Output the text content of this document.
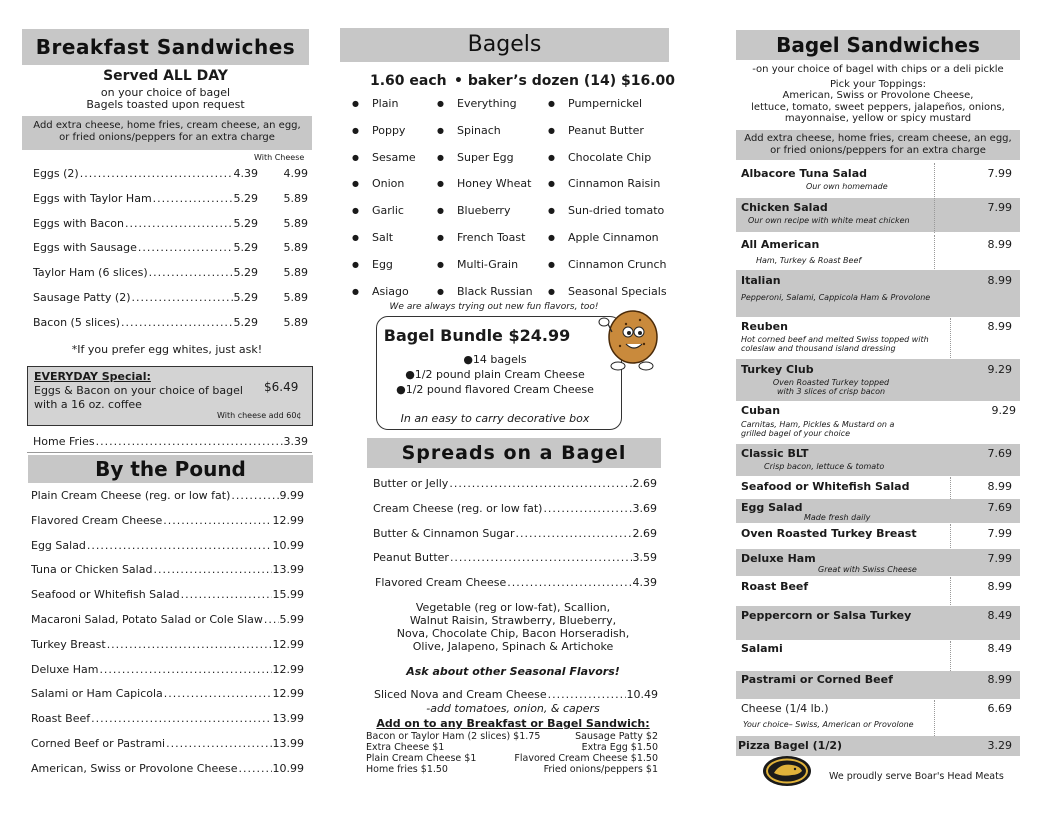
Breakfast Sandwiches
Served ALL DAY
on your choice of bagel
Bagels toasted upon request
Add extra cheese, home fries, cream cheese, an egg,
or fried onions/peppers for an extra charge
With Cheese
Eggs (2) .....	4.39	4.99
Eggs with Taylor Ham .....	5.29	5.89
Eggs with Bacon .....	5.29	5.89
Eggs with Sausage .....	5.29	5.89
Taylor Ham (6 slices) .....	5.29	5.89
Sausage Patty (2) .....	5.29	5.89
Bacon (5 slices) .....	5.29	5.89
*If you prefer egg whites, just ask!
EVERYDAY Special:
Eggs & Bacon on your choice of bagel
with a 16 oz. coffee
$6.49
With cheese add 60¢
Home Fries .....	3.39
By the Pound
Plain Cream Cheese (reg. or low fat) .....	9.99
Flavored Cream Cheese .....	12.99
Egg Salad .....	10.99
Tuna or Chicken Salad .....	13.99
Seafood or Whitefish Salad .....	15.99
Macaroni Salad, Potato Salad or Cole Slaw ..... 5.99
Turkey Breast .....	12.99
Deluxe Ham .....	12.99
Salami or Ham Capicola .....	12.99
Roast Beef .....	13.99
Corned Beef or Pastrami .....	13.99
American, Swiss or Provolone Cheese .....	10.99
Bagels
1.60 each • baker’s dozen (14) $16.00
● Plain
● Poppy
● Sesame
● Onion
● Garlic
● Salt
● Egg
● Asiago
● Everything
● Spinach
● Super Egg
● Honey Wheat
● Blueberry
● French Toast
● Multi-Grain
● Black Russian
● Pumpernickel
● Peanut Butter
● Chocolate Chip
● Cinnamon Raisin
● Sun-dried tomato
● Apple Cinnamon
● Cinnamon Crunch
● Seasonal Specials
We are always trying out new fun flavors, too!
Bagel Bundle $24.99
●14 bagels
●1/2 pound plain Cream Cheese
●1/2 pound flavored Cream Cheese
In an easy to carry decorative box
Spreads on a Bagel
Butter or Jelly .....	2.69
Cream Cheese (reg. or low fat) .....	3.69
Butter & Cinnamon Sugar .....	2.69
Peanut Butter .....	3.59
Flavored Cream Cheese .....	4.39
Vegetable (reg or low-fat), Scallion,
Walnut Raisin, Strawberry, Blueberry,
Nova, Chocolate Chip, Bacon Horseradish,
Olive, Jalapeno, Spinach & Artichoke
Ask about other Seasonal Flavors!
Sliced Nova and Cream Cheese .....	10.49
-add tomatoes, onion, & capers
Add on to any Breakfast or Bagel Sandwich:
Bacon or Taylor Ham (2 slices) $1.75	Sausage Patty $2
Extra Cheese $1	Extra Egg $1.50
Plain Cream Cheese $1	Flavored Cream Cheese $1.50
Home fries $1.50	Fried onions/peppers $1
Bagel Sandwiches
-on your choice of bagel with chips or a deli pickle
Pick your Toppings:
American, Swiss or Provolone Cheese,
lettuce, tomato, sweet peppers, jalapeños, onions,
mayonnaise, yellow or spicy mustard
Add extra cheese, home fries, cream cheese, an egg,
or fried onions/peppers for an extra charge
Albacore Tuna Salad	7.99
Our own homemade
Chicken Salad	7.99
Our own recipe with white meat chicken
All American	8.99
Ham, Turkey & Roast Beef
Italian	8.99
Pepperoni, Salami, Cappicola Ham & Provolone
Reuben	8.99
Hot corned beef and melted Swiss topped with coleslaw and thousand island dressing
Turkey Club	9.29
Oven Roasted Turkey topped with 3 slices of crisp bacon
Cuban	9.29
Carnitas, Ham, Pickles & Mustard on a grilled bagel of your choice
Classic BLT	7.69
Crisp bacon, lettuce & tomato
Seafood or Whitefish Salad	8.99
Egg Salad	7.69
Made fresh daily
Oven Roasted Turkey Breast	7.99
Deluxe Ham	7.99
Great with Swiss Cheese
Roast Beef	8.99
Peppercorn or Salsa Turkey	8.49
Salami	8.49
Pastrami or Corned Beef	8.99
Cheese (1/4 lb.)	6.69
Your choice– Swiss, American or Provolone
Pizza Bagel (1/2)	3.29
We proudly serve Boar's Head Meats
